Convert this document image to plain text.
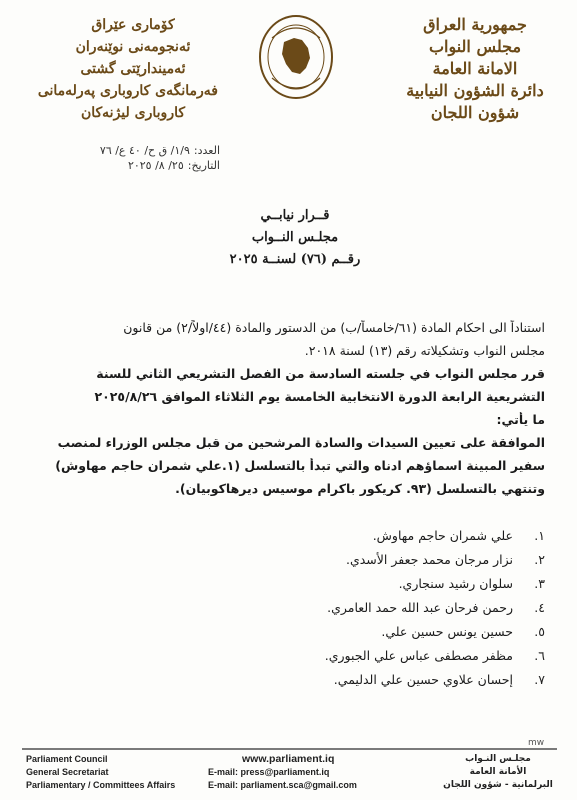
جمهورية العراق
مجلس النواب
الامانة العامة
دائرة الشؤون النيابية
شؤون اللجان
كۆماری عێراق
ئەنجومەنی نوێنەران
ئەمیندارێتی گشتی
فەرمانگەی کاروباری پەرلەمانی
کاروباری لیژنەکان
العدد:
١/٩/ ق ح/ ٤٠ ع/ ٧٦
التاريخ:
٢٥/ ٨/ ٢٠٢٥
قــرار نيابــي
مجلـس النــواب
رقــم (٧٦) لسنــة ٢٠٢٥
استناداً الى احكام المادة (٦١/خامساً/ب) من الدستور والمادة (٤٤/اولاً/٢) من قانون
مجلس النواب وتشكيلاته رقم (١٣) لسنة ٢٠١٨.
قرر مجلس النواب في جلسته السادسة من الفصل التشريعي الثاني للسنة
التشريعية الرابعة الدورة الانتخابية الخامسة يوم الثلاثاء الموافق ٢٠٢٥/٨/٢٦
ما يأتي:
الموافقة على تعيين السيدات والسادة المرشحين من قبل مجلس الوزراء لمنصب
سفير المبينة اسماؤهم ادناه والتي تبدأ بالتسلسل (١.علي شمران حاجم مهاوش)
وتنتهي بالتسلسل (٩٣. كريكور باكرام موسيس ديرهاكوبيان).
١.
علي شمران حاجم مهاوش.
٢.
نزار مرجان محمد جعفر الأسدي.
٣.
سلوان رشيد سنجاري.
٤.
رحمن فرحان عبد الله حمد العامري.
٥.
حسين يونس حسين علي.
٦.
مظفر مصطفى عباس علي الجبوري.
٧.
إحسان علاوي حسين علي الدليمي.
mw
Parliament Council
General Secretariat
Parliamentary / Committees Affairs
www.parliament.iq
E-mail: press@parliament.iq
E-mail: parliament.sca@gmail.com
مجلـس النـواب
الأمانة العامة
البرلمانية - شؤون اللجان
